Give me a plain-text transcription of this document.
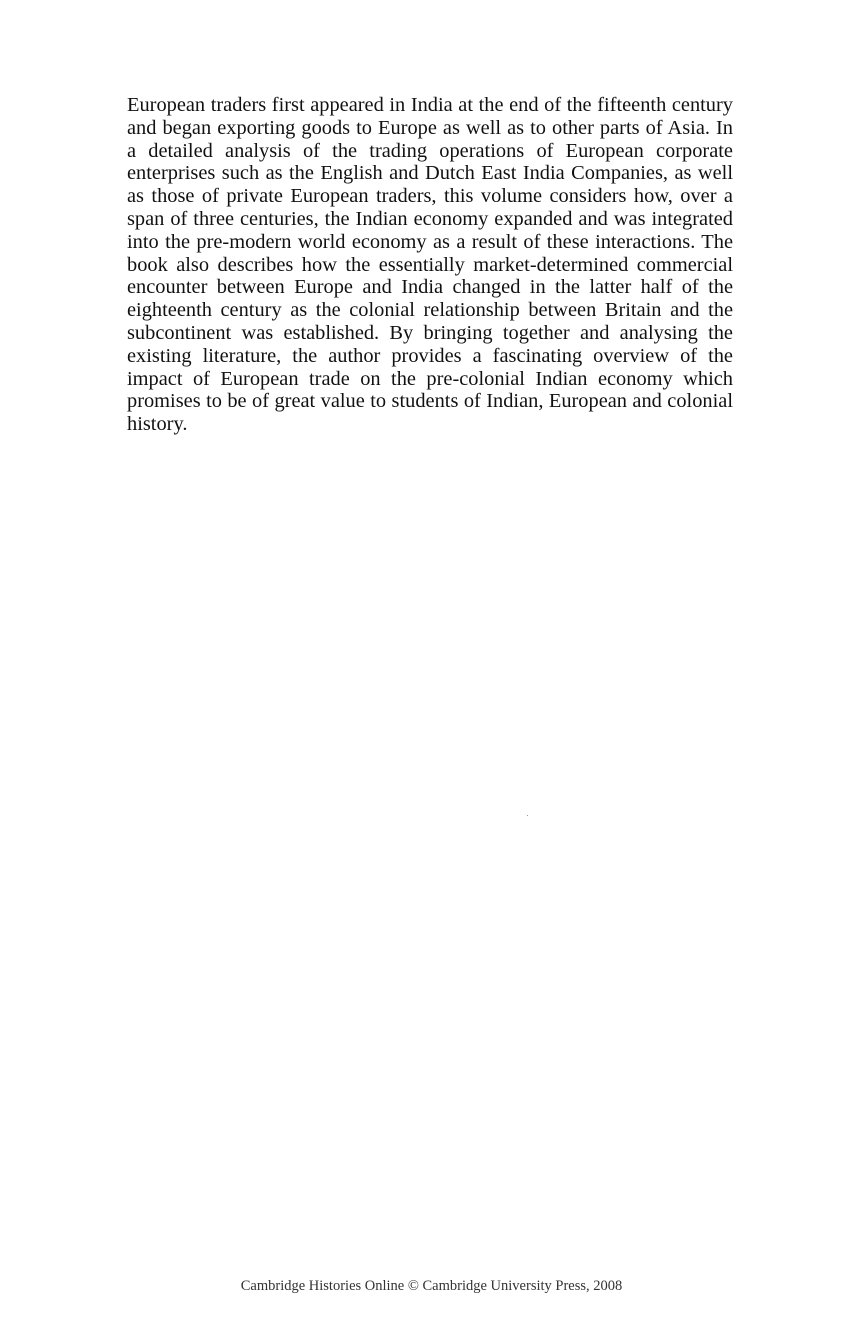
European traders first appeared in India at the end of the fifteenth century and began exporting goods to Europe as well as to other parts of Asia. In a detailed analysis of the trading operations of European corporate enterprises such as the English and Dutch East India Companies, as well as those of private European traders, this volume considers how, over a span of three centuries, the Indian economy expanded and was integrated into the pre-modern world economy as a result of these interactions. The book also describes how the essentially market-determined commercial encounter between Europe and India changed in the latter half of the eighteenth century as the colonial relationship between Britain and the subcontinent was established. By bringing together and analysing the existing literature, the author provides a fascinating overview of the impact of European trade on the pre-colonial Indian economy which promises to be of great value to students of Indian, European and colonial history.

Cambridge Histories Online © Cambridge University Press, 2008
